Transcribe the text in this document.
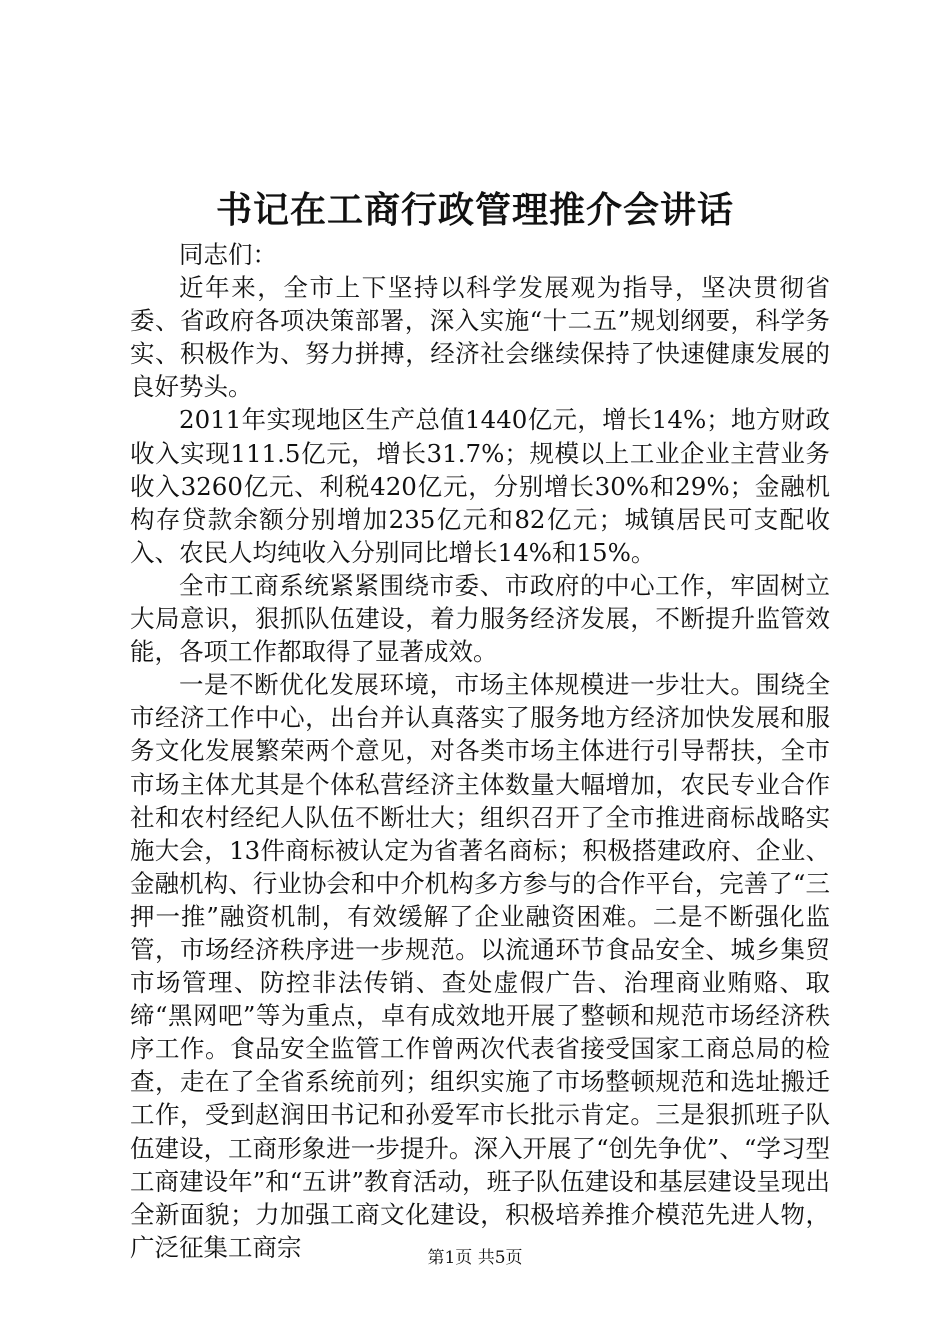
书记在工商行政管理推介会讲话

同志们：

近年来，全市上下坚持以科学发展观为指导，坚决贯彻省委、省政府各项决策部署，深入实施“十二五”规划纲要，科学务实、积极作为、努力拼搏，经济社会继续保持了快速健康发展的良好势头。

2011年实现地区生产总值1440亿元，增长14%；地方财政收入实现111.5亿元，增长31.7%；规模以上工业企业主营业务收入3260亿元、利税420亿元，分别增长30%和29%；金融机构存贷款余额分别增加235亿元和82亿元；城镇居民可支配收入、农民人均纯收入分别同比增长14%和15%。

全市工商系统紧紧围绕市委、市政府的中心工作，牢固树立大局意识，狠抓队伍建设，着力服务经济发展，不断提升监管效能，各项工作都取得了显著成效。

一是不断优化发展环境，市场主体规模进一步壮大。围绕全市经济工作中心，出台并认真落实了服务地方经济加快发展和服务文化发展繁荣两个意见，对各类市场主体进行引导帮扶，全市市场主体尤其是个体私营经济主体数量大幅增加，农民专业合作社和农村经纪人队伍不断壮大；组织召开了全市推进商标战略实施大会，13件商标被认定为省著名商标；积极搭建政府、企业、金融机构、行业协会和中介机构多方参与的合作平台，完善了“三押一推”融资机制，有效缓解了企业融资困难。二是不断强化监管，市场经济秩序进一步规范。以流通环节食品安全、城乡集贸市场管理、防控非法传销、查处虚假广告、治理商业贿赂、取缔“黑网吧”等为重点，卓有成效地开展了整顿和规范市场经济秩序工作。食品安全监管工作曾两次代表省接受国家工商总局的检查，走在了全省系统前列；组织实施了市场整顿规范和选址搬迁工作，受到赵润田书记和孙爱军市长批示肯定。三是狠抓班子队伍建设，工商形象进一步提升。深入开展了“创先争优”、“学习型工商建设年”和“五讲”教育活动，班子队伍建设和基层建设呈现出全新面貌；力加强工商文化建设，积极培养推介模范先进人物，广泛征集工商宗	第1页 共5页
